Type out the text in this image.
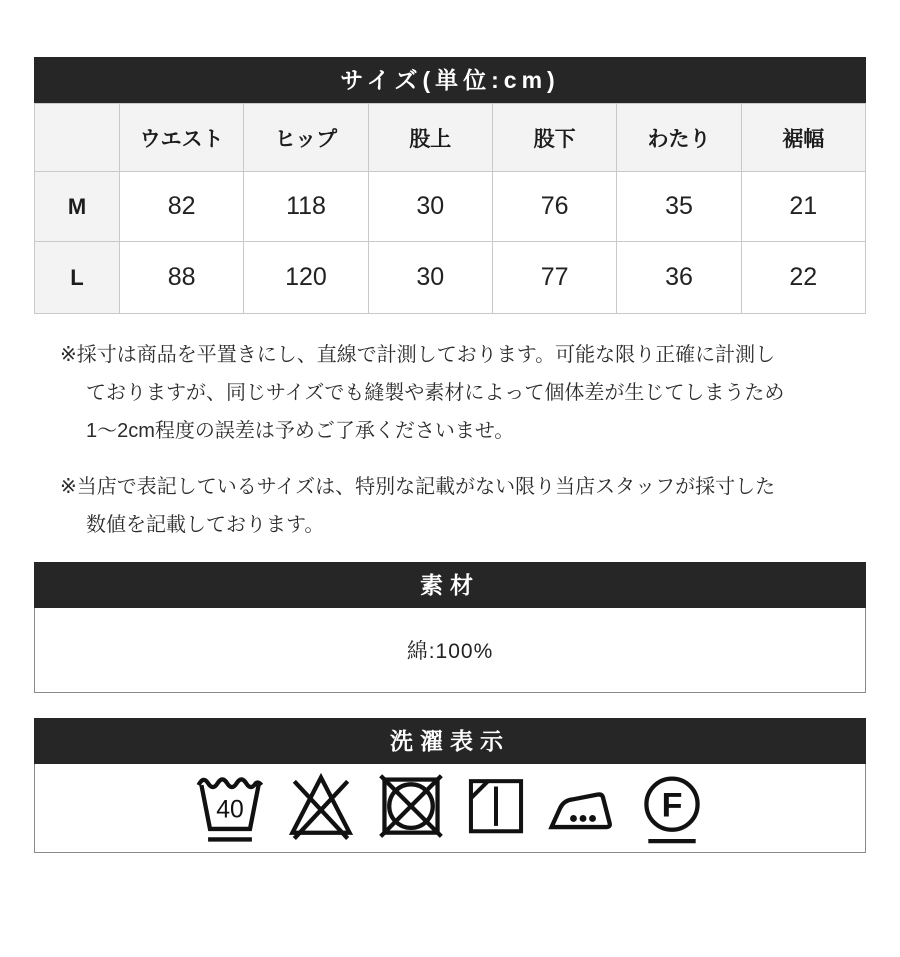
サイズ(単位:cm)
	ウエスト	ヒップ	股上	股下	わたり	裾幅
M	82	118	30	76	35	21
L	88	120	30	77	36	22
※採寸は商品を平置きにし、直線で計測しております。可能な限り正確に計測し
ておりますが、同じサイズでも縫製や素材によって個体差が生じてしまうため
1〜2cm程度の誤差は予めご了承くださいませ。
※当店で表記しているサイズは、特別な記載がない限り当店スタッフが採寸した
数値を記載しております。
素材
綿:100%
洗濯表示
40	F
